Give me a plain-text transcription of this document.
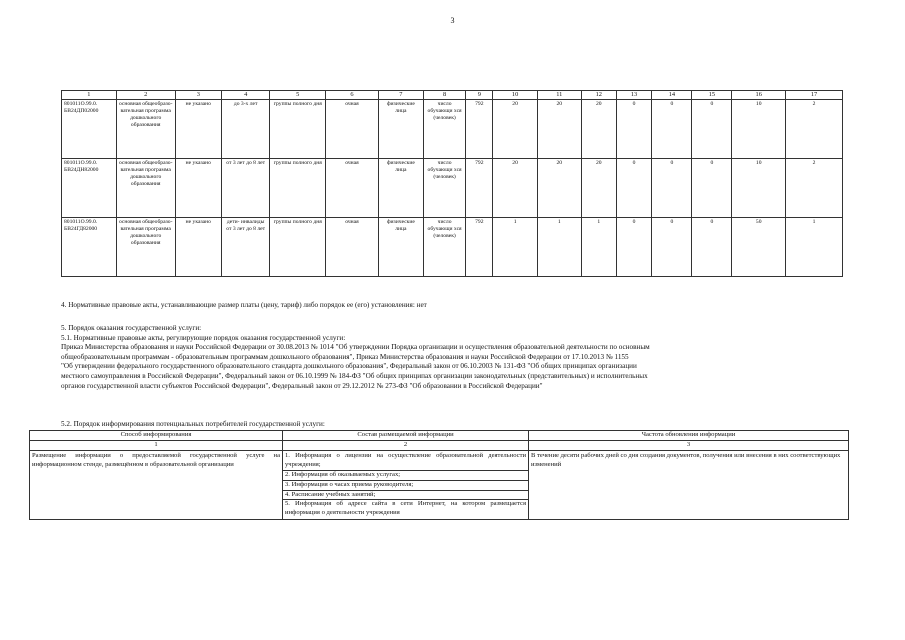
3
1	2	3	4	5	6	7	8	9	10	11	12	13	14	15	16	17
801011О.99.0. БВ24ДП02000	основная общеобразо- вательная программа дошкольного образования	не указано	до 3-х лет	группы полного дня	очная	физические лица	число обучающи хся (человек)	792	20	20	20	0	0	0	10	2
801011О.99.0. БВ24ДН82000	основная общеобразо- вательная программа дошкольного образования	не указано	от 3 лет до 8 лет	группы полного дня	очная	физические лица	число обучающи хся (человек)	792	20	20	20	0	0	0	10	2
801011О.99.0. БВ24ГД82000	основная общеобразо- вательная программа дошкольного образования	не указано	дети- инвалиды от 3 лет до 8 лет	группы полного дня	очная	физические лица	число обучающи хся (человек)	792	1	1	1	0	0	0	50	1
4. Нормативные правовые акты, устанавливающие размер платы (цену, тариф) либо порядок ее (его) установления: нет
5. Порядок оказания государственной услуги:
5.1. Нормативные правовые акты, регулирующие порядок оказания государственной услуги:
Приказ Министерства образования и науки Российской Федерации от 30.08.2013 № 1014 "Об утверждении Порядка организации и осуществления образовательной деятельности по основным
общеобразовательным программам - образовательным программам дошкольного образования", Приказ Министерства образования и науки Российской Федерации от 17.10.2013 № 1155
"Об утверждении федерального государственного образовательного стандарта дошкольного образования", Федеральный закон от 06.10.2003 № 131-ФЗ "Об общих принципах организации
местного самоуправления в Российской Федерации", Федеральный закон от 06.10.1999 № 184-ФЗ "Об общих принципах организации законодательных (представительных) и исполнительных
органов государственной власти субъектов Российской Федерации", Федеральный закон от 29.12.2012 № 273-ФЗ "Об образовании в Российской Федерации"
5.2. Порядок информирования потенциальных потребителей государственной услуги:
Способ информирования	Состав размещаемой информации	Частота обновления информации
1	2	3
Размещение информации о предоставляемой государственной услуге на информационном стенде, размещённом в образовательной организации	1. Информация о лицензии на осуществление образовательной деятельности учреждения;
2. Информация об оказываемых услугах;
3. Информация о часах приема руководителя;
4. Расписание учебных занятий;
5. Информация об адресе сайта в сети Интернет, на котором размещается информация о деятельности учреждения	В течение десяти рабочих дней со дня создания документов, получения или внесения в них соответствующих изменений
